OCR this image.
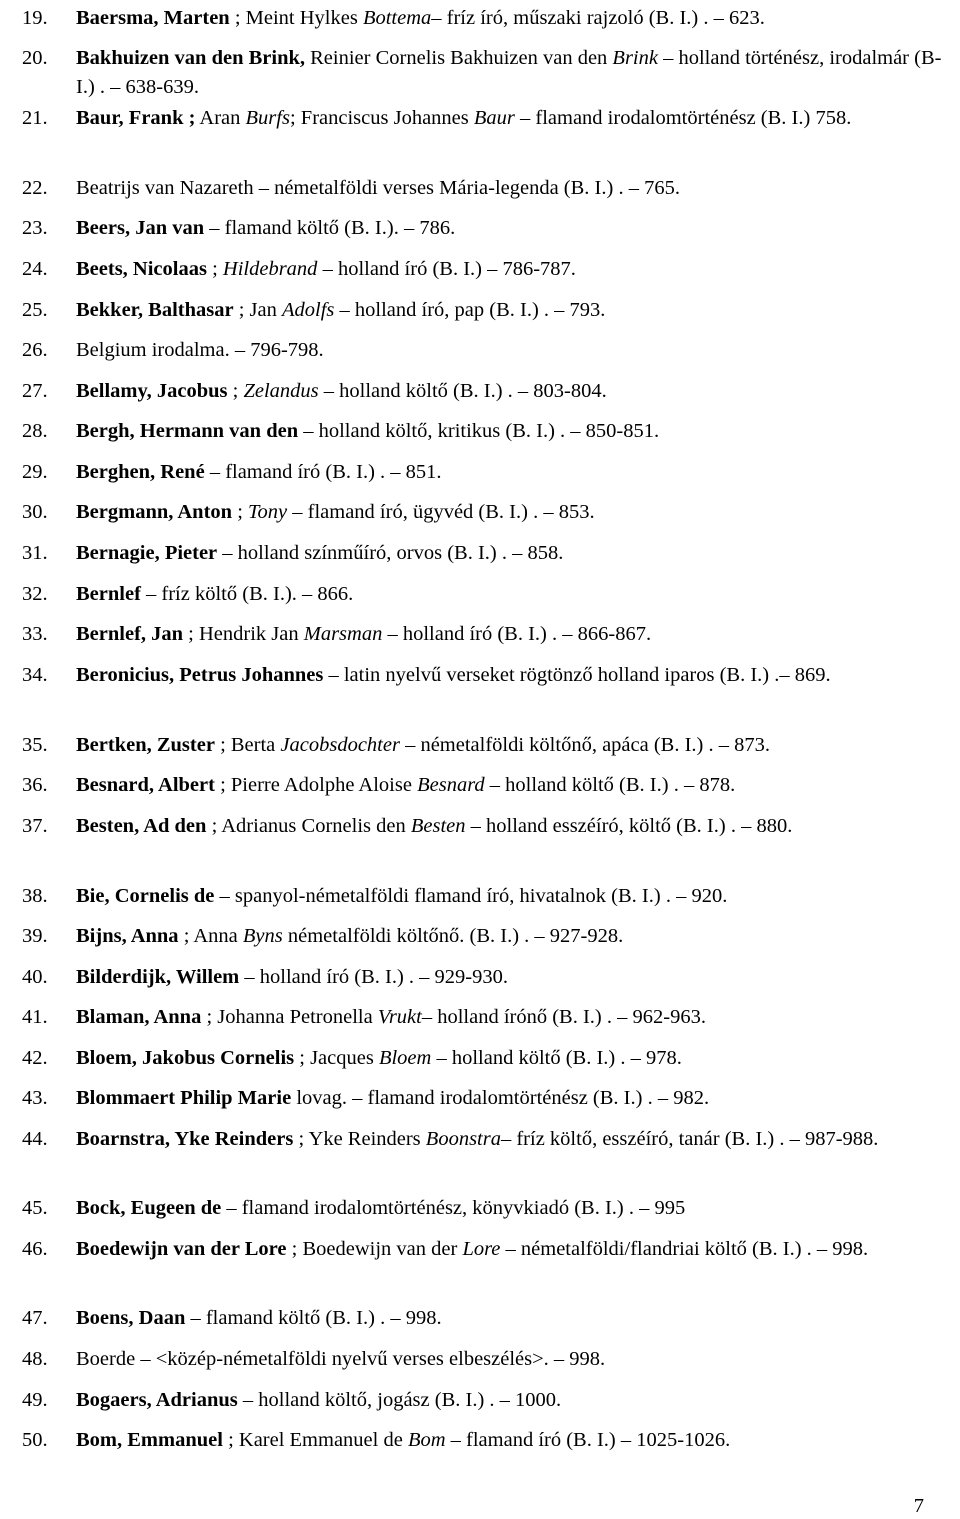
19. Baersma, Marten ; Meint Hylkes Bottema– fríz író, műszaki rajzoló (B. I.) . – 623.
20. Bakhuizen van den Brink, Reinier Cornelis Bakhuizen van den Brink – holland történész, irodalmár (B- I.) . – 638-639.
21. Baur, Frank ; Aran Burfs; Franciscus Johannes Baur – flamand irodalomtörténész (B. I.) 758.
22. Beatrijs van Nazareth – németalföldi verses Mária-legenda (B. I.) . – 765.
23. Beers, Jan van – flamand költő (B. I.). – 786.
24. Beets, Nicolaas ; Hildebrand – holland író (B. I.) – 786-787.
25. Bekker, Balthasar ; Jan Adolfs – holland író, pap (B. I.) . – 793.
26. Belgium irodalma. – 796-798.
27. Bellamy, Jacobus ; Zelandus – holland költő (B. I.) . – 803-804.
28. Bergh, Hermann van den – holland költő, kritikus (B. I.) . – 850-851.
29. Berghen, René – flamand író (B. I.) . – 851.
30. Bergmann, Anton ; Tony – flamand író, ügyvéd (B. I.) . – 853.
31. Bernagie, Pieter – holland színműíró, orvos (B. I.) . – 858.
32. Bernlef – fríz költő (B. I.). – 866.
33. Bernlef, Jan ; Hendrik Jan Marsman – holland író (B. I.) . – 866-867.
34. Beronicius, Petrus Johannes – latin nyelvű verseket rögtönző holland iparos (B. I.) .– 869.
35. Bertken, Zuster ; Berta Jacobsdochter – németalföldi költőnő, apáca (B. I.) . – 873.
36. Besnard, Albert ; Pierre Adolphe Aloise Besnard – holland költő (B. I.) . – 878.
37. Besten, Ad den ; Adrianus Cornelis den Besten – holland esszéíró, költő (B. I.) . – 880.
38. Bie, Cornelis de – spanyol-németalföldi flamand író, hivatalnok (B. I.) . – 920.
39. Bijns, Anna ; Anna Byns németalföldi költőnő. (B. I.) . – 927-928.
40. Bilderdijk, Willem – holland író (B. I.) . – 929-930.
41. Blaman, Anna ; Johanna Petronella Vrukt– holland írónő (B. I.) . – 962-963.
42. Bloem, Jakobus Cornelis ; Jacques Bloem – holland költő (B. I.) . – 978.
43. Blommaert Philip Marie lovag. – flamand irodalomtörténész (B. I.) . – 982.
44. Boarnstra, Yke Reinders ; Yke Reinders Boonstra– fríz költő, esszéíró, tanár (B. I.) . – 987-988.
45. Bock, Eugeen de – flamand irodalomtörténész, könyvkiadó (B. I.) . – 995
46. Boedewijn van der Lore ; Boedewijn van der Lore – németalföldi/flandriai költő (B. I.) . – 998.
47. Boens, Daan – flamand költő (B. I.) . – 998.
48. Boerde – <közép-németalföldi nyelvű verses elbeszélés>. – 998.
49. Bogaers, Adrianus – holland költő, jogász (B. I.) . – 1000.
50. Bom, Emmanuel ; Karel Emmanuel de Bom – flamand író (B. I.) – 1025-1026.
7
